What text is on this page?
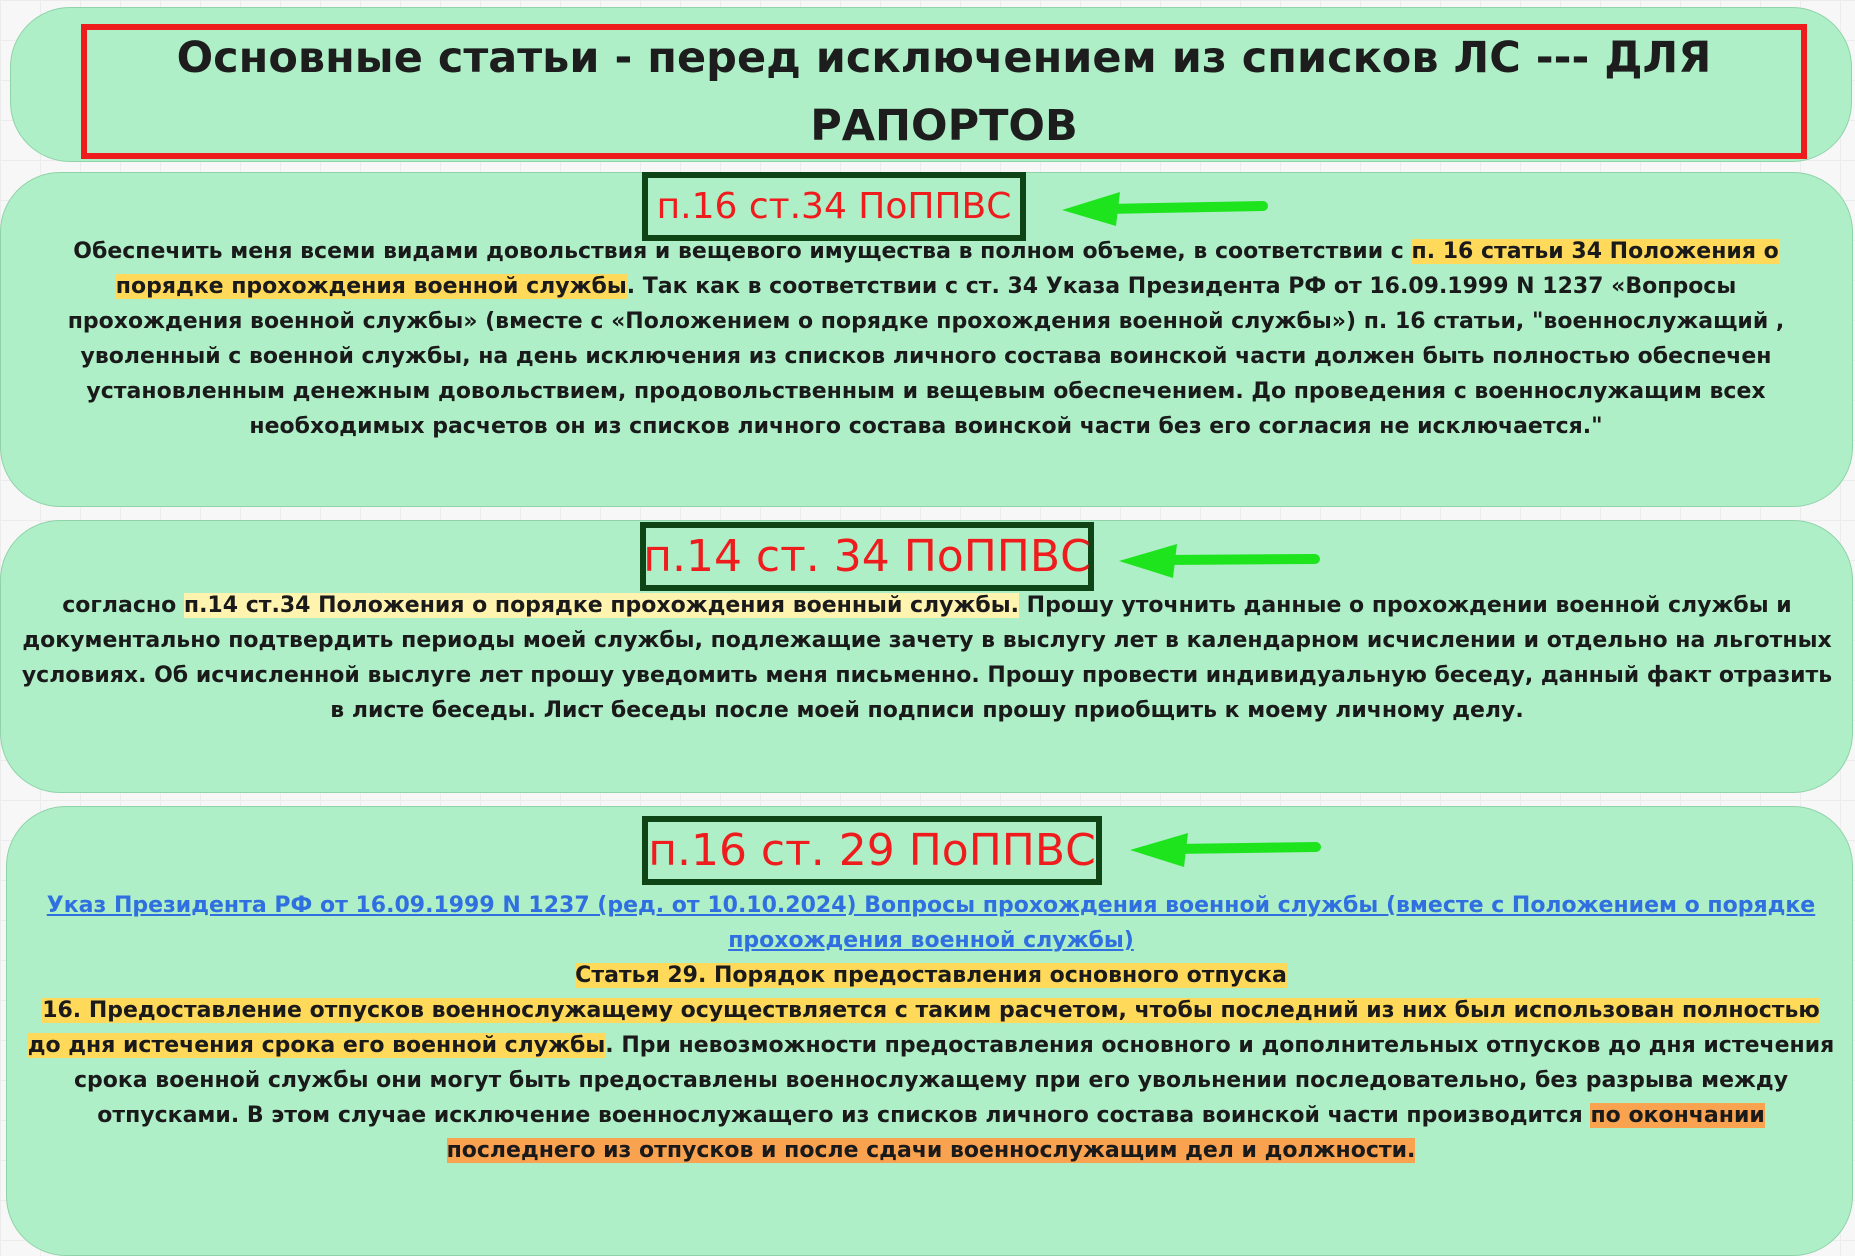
Основные статьи - перед исключением из списков ЛС --- ДЛЯ
РАПОРТОВ
п.16 ст.34 ПоППВС
Обеспечить меня всеми видами довольствия и вещевого имущества в полном объеме, в соответствии с п. 16 статьи 34 Положения о порядке прохождения военной службы. Так как в соответствии с ст. 34 Указа Президента РФ от 16.09.1999 N 1237 «Вопросы прохождения военной службы» (вместе с «Положением о порядке прохождения военной службы») п. 16 статьи, "военнослужащий , уволенный с военной службы, на день исключения из списков личного состава воинской части должен быть полностью обеспечен установленным денежным довольствием, продовольственным и вещевым обеспечением. До проведения с военнослужащим всех необходимых расчетов он из списков личного состава воинской части без его согласия не исключается."
п.14 ст. 34 ПоППВС
согласно п.14 ст.34 Положения о порядке прохождения военный службы. Прошу уточнить данные о прохождении военной службы и документально подтвердить периоды моей службы, подлежащие зачету в выслугу лет в календарном исчислении и отдельно на льготных условиях. Об исчисленной выслуге лет прошу уведомить меня письменно. Прошу провести индивидуальную беседу, данный факт отразить в листе беседы. Лист беседы после моей подписи прошу приобщить к моему личному делу.
п.16 ст. 29 ПоППВС
Указ Президента РФ от 16.09.1999 N 1237 (ред. от 10.10.2024) Вопросы прохождения военной службы (вместе с Положением о порядке прохождения военной службы)
Статья 29. Порядок предоставления основного отпуска
16. Предоставление отпусков военнослужащему осуществляется с таким расчетом, чтобы последний из них был использован полностью до дня истечения срока его военной службы. При невозможности предоставления основного и дополнительных отпусков до дня истечения срока военной службы они могут быть предоставлены военнослужащему при его увольнении последовательно, без разрыва между отпусками. В этом случае исключение военнослужащего из списков личного состава воинской части производится по окончании последнего из отпусков и после сдачи военнослужащим дел и должности.
